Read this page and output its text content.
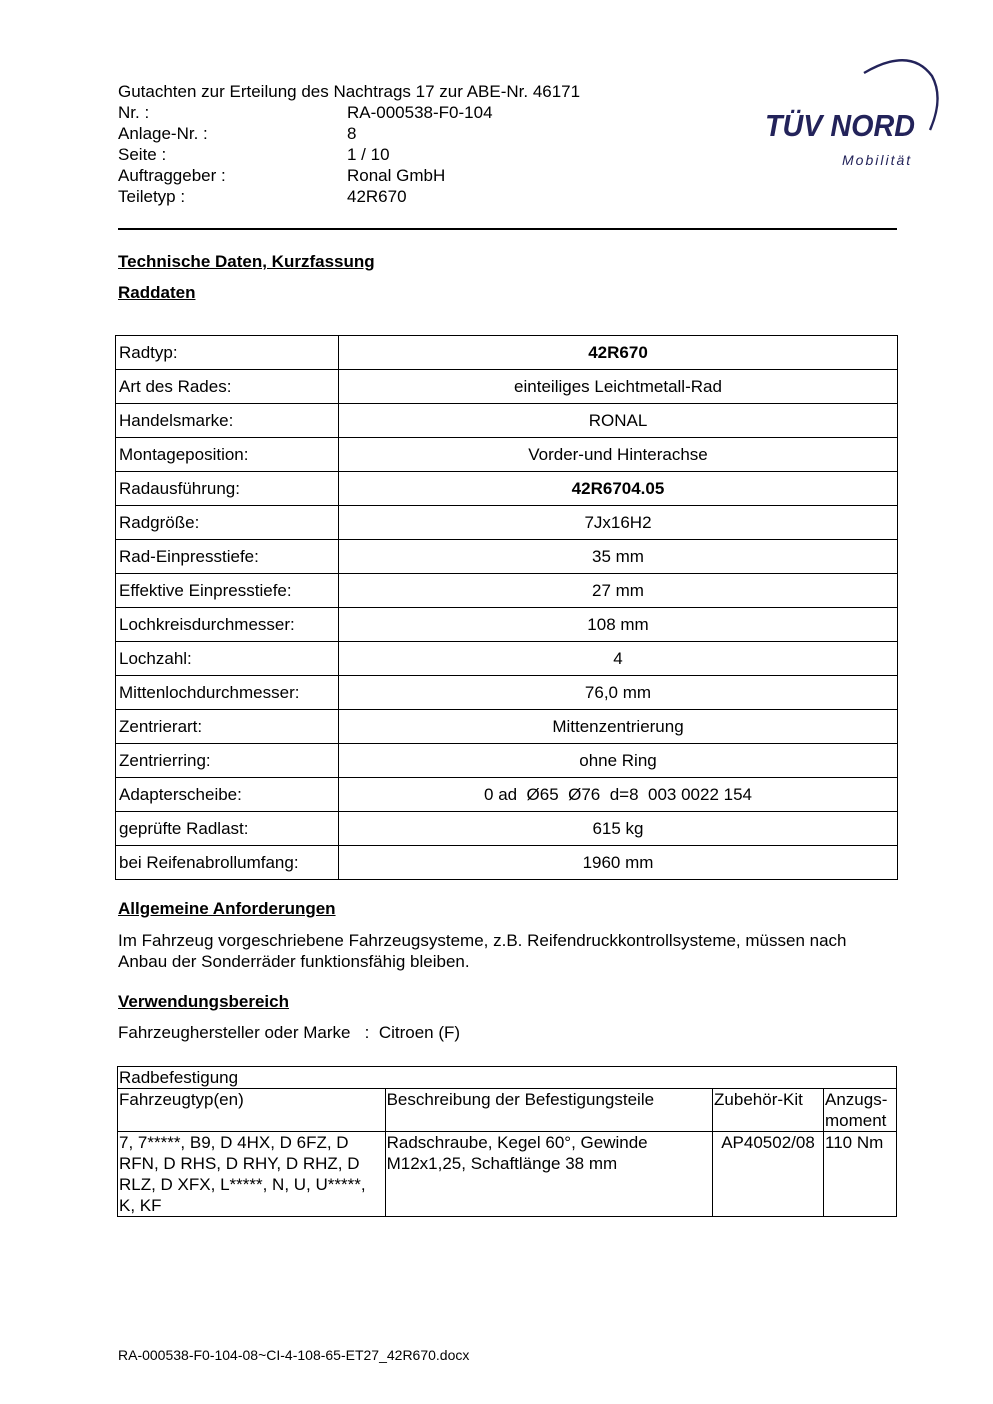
Gutachten zur Erteilung des Nachtrags 17 zur ABE-Nr. 46171
Nr. :	RA-000538-F0-104
Anlage-Nr. :	8
Seite :	1 / 10
Auftraggeber :	Ronal GmbH
Teiletyp :	42R670
TÜV NORD
Mobilität
Technische Daten, Kurzfassung
Raddaten
Radtyp:	42R670
Art des Rades:	einteiliges Leichtmetall-Rad
Handelsmarke:	RONAL
Montageposition:	Vorder-und Hinterachse
Radausführung:	42R6704.05
Radgröße:	7Jx16H2
Rad-Einpresstiefe:	35 mm
Effektive Einpresstiefe:	27 mm
Lochkreisdurchmesser:	108 mm
Lochzahl:	4
Mittenlochdurchmesser:	76,0 mm
Zentrierart:	Mittenzentrierung
Zentrierring:	ohne Ring
Adapterscheibe:	0 ad  Ø65  Ø76  d=8  003 0022 154
geprüfte Radlast:	615 kg
bei Reifenabrollumfang:	1960 mm
Allgemeine Anforderungen
Im Fahrzeug vorgeschriebene Fahrzeugsysteme, z.B. Reifendruckkontrollsysteme, müssen nach Anbau der Sonderräder funktionsfähig bleiben.
Verwendungsbereich
Fahrzeughersteller oder Marke : Citroen (F)
Radbefestigung			
Fahrzeugtyp(en)	Beschreibung der Befestigungsteile	Zubehör-Kit	Anzugs-moment
7, 7*****, B9, D 4HX, D 6FZ, D RFN, D RHS, D RHY, D RHZ, D RLZ, D XFX, L*****, N, U, U*****, K, KF	Radschraube, Kegel 60°, Gewinde M12x1,25, Schaftlänge 38 mm	AP40502/08	110 Nm
RA-000538-F0-104-08~CI-4-108-65-ET27_42R670.docx
